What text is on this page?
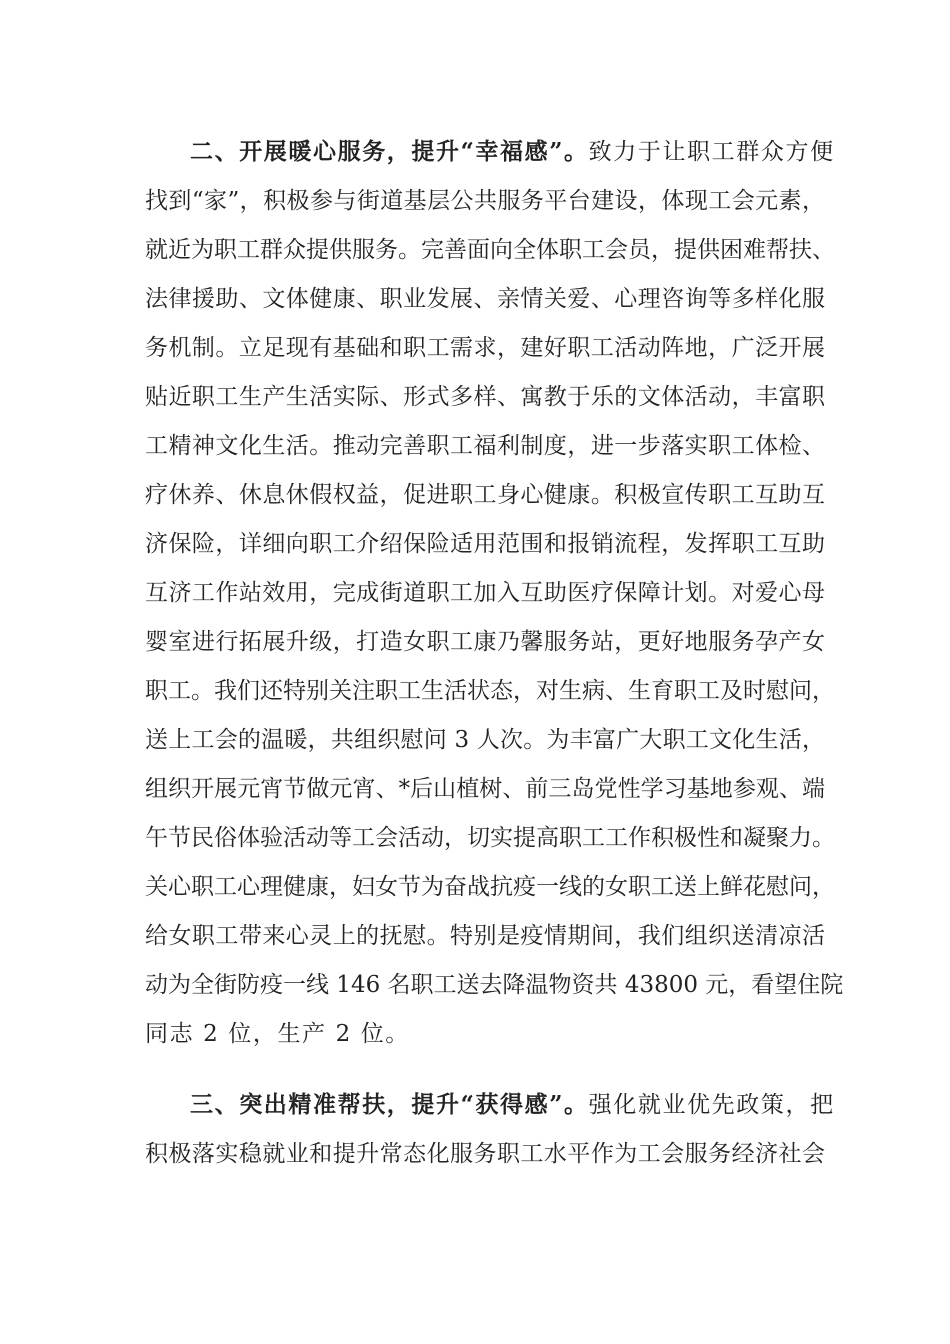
二、开展暖心服务，提升“幸福感”。致力于让职工群众方便
找到“家”，积极参与街道基层公共服务平台建设，体现工会元素，
就近为职工群众提供服务。完善面向全体职工会员，提供困难帮扶、
法律援助、文体健康、职业发展、亲情关爱、心理咨询等多样化服
务机制。立足现有基础和职工需求，建好职工活动阵地，广泛开展
贴近职工生产生活实际、形式多样、寓教于乐的文体活动，丰富职
工精神文化生活。推动完善职工福利制度，进一步落实职工体检、
疗休养、休息休假权益，促进职工身心健康。积极宣传职工互助互
济保险，详细向职工介绍保险适用范围和报销流程，发挥职工互助
互济工作站效用，完成街道职工加入互助医疗保障计划。对爱心母
婴室进行拓展升级，打造女职工康乃馨服务站，更好地服务孕产女
职工。我们还特别关注职工生活状态，对生病、生育职工及时慰问，
送上工会的温暖，共组织慰问 3 人次。为丰富广大职工文化生活，
组织开展元宵节做元宵、*后山植树、前三岛党性学习基地参观、端
午节民俗体验活动等工会活动，切实提高职工工作积极性和凝聚力。
关心职工心理健康，妇女节为奋战抗疫一线的女职工送上鲜花慰问，
给女职工带来心灵上的抚慰。特别是疫情期间，我们组织送清凉活
动为全街防疫一线 146 名职工送去降温物资共 43800 元，看望住院
同志 2 位，生产 2 位。
三、突出精准帮扶，提升“获得感”。强化就业优先政策，把
积极落实稳就业和提升常态化服务职工水平作为工会服务经济社会
